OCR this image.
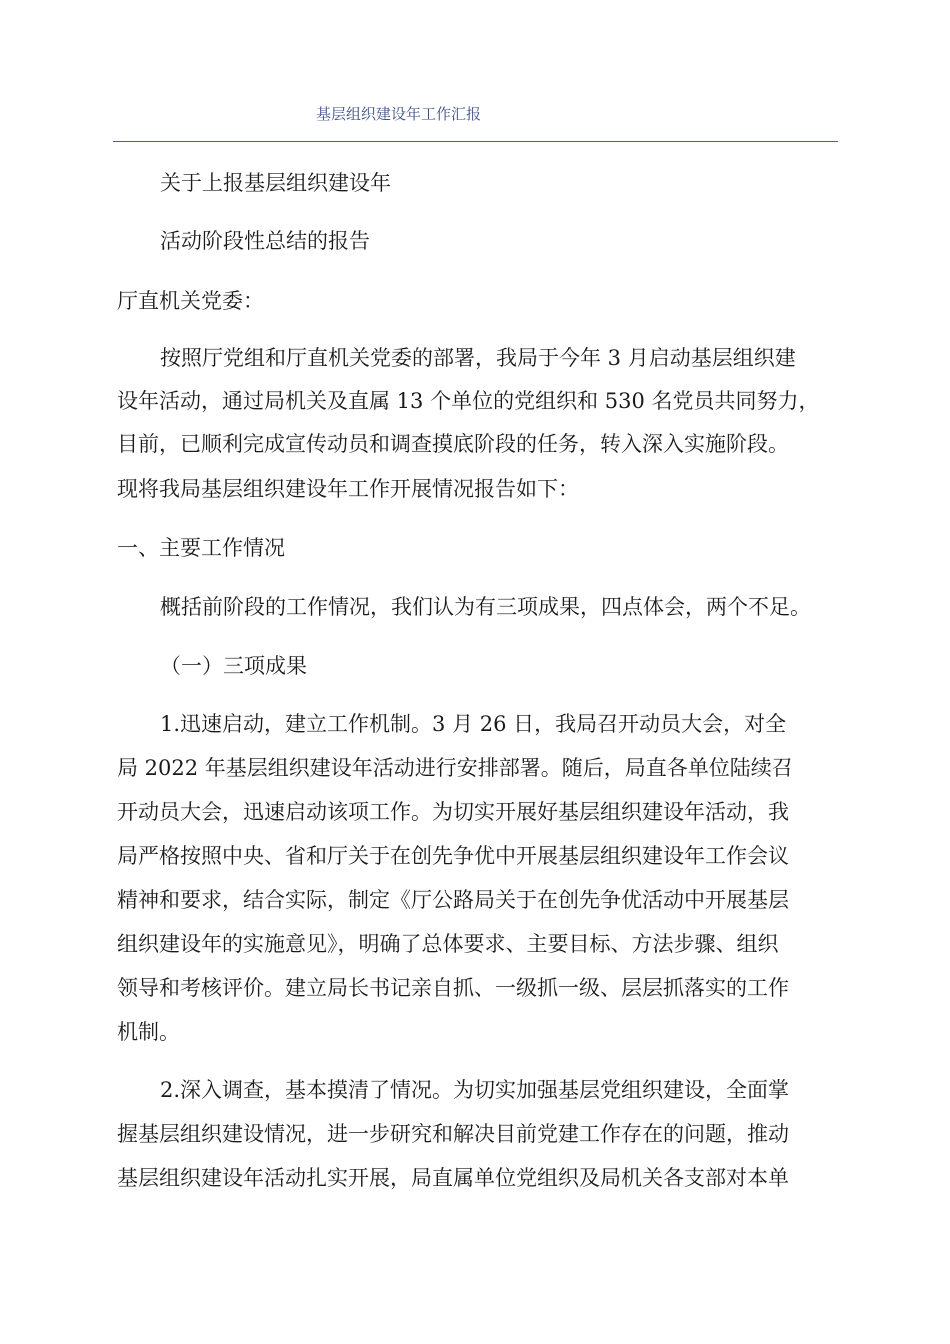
基层组织建设年工作汇报
关于上报基层组织建设年
活动阶段性总结的报告
厅直机关党委：
按照厅党组和厅直机关党委的部署，我局于今年 3 月启动基层组织建
设年活动，通过局机关及直属 13 个单位的党组织和 530 名党员共同努力，
目前，已顺利完成宣传动员和调查摸底阶段的任务，转入深入实施阶段。
现将我局基层组织建设年工作开展情况报告如下：
一、主要工作情况
概括前阶段的工作情况，我们认为有三项成果，四点体会，两个不足。
（一）三项成果
1.迅速启动，建立工作机制。3 月 26 日，我局召开动员大会，对全
局 2022 年基层组织建设年活动进行安排部署。随后，局直各单位陆续召
开动员大会，迅速启动该项工作。为切实开展好基层组织建设年活动，我
局严格按照中央、省和厅关于在创先争优中开展基层组织建设年工作会议
精神和要求，结合实际，制定《厅公路局关于在创先争优活动中开展基层
组织建设年的实施意见》，明确了总体要求、主要目标、方法步骤、组织
领导和考核评价。建立局长书记亲自抓、一级抓一级、层层抓落实的工作
机制。
2.深入调查，基本摸清了情况。为切实加强基层党组织建设，全面掌
握基层组织建设情况，进一步研究和解决目前党建工作存在的问题，推动
基层组织建设年活动扎实开展，局直属单位党组织及局机关各支部对本单
